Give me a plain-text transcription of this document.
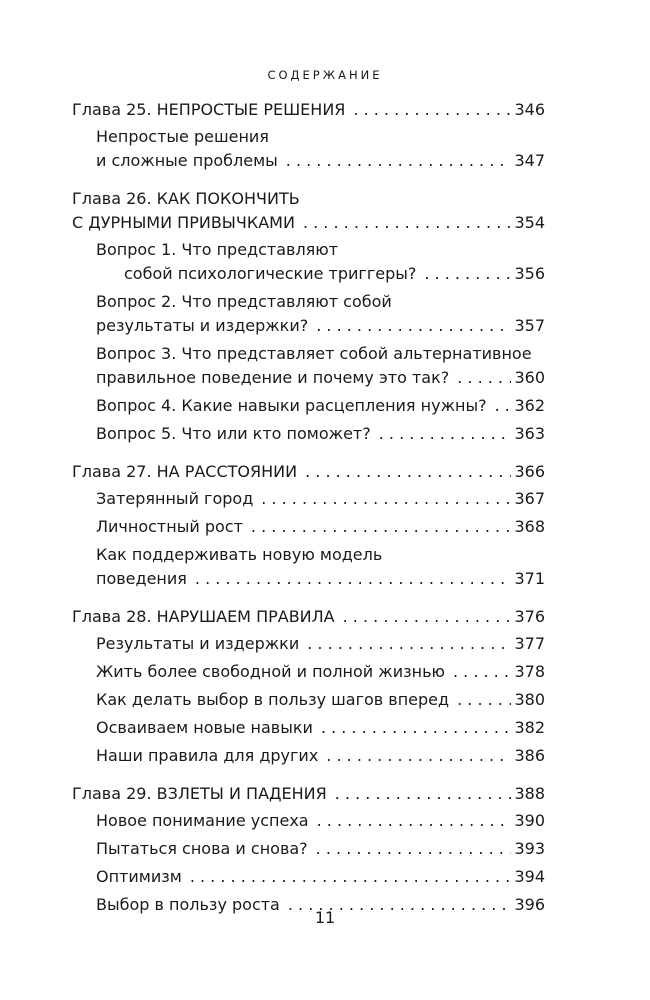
СОДЕРЖАНИЕ
Глава 25. НЕПРОСТЫЕ РЕШЕНИЯ . . .	346
Непростые решения
и сложные проблемы . . .	347
Глава 26. КАК ПОКОНЧИТЬ
С ДУРНЫМИ ПРИВЫЧКАМИ . . .	354
Вопрос 1. Что представляют
собой психологические триггеры? . . .	356
Вопрос 2. Что представляют собой
результаты и издержки? . . .	357
Вопрос 3. Что представляет собой альтернативное
правильное поведение и почему это так? . . .	360
Вопрос 4. Какие навыки расцепления нужны? . . . 362
Вопрос 5. Что или кто поможет? . . .	363
Глава 27. НА РАССТОЯНИИ . . .	366
Затерянный город . . .	367
Личностный рост . . .	368
Как поддерживать новую модель
поведения . . .	371
Глава 28. НАРУШАЕМ ПРАВИЛА . . .	376
Результаты и издержки . . .	377
Жить более свободной и полной жизнью . . .	378
Как делать выбор в пользу шагов вперед . . .	380
Осваиваем новые навыки . . .	382
Наши правила для других . . .	386
Глава 29. ВЗЛЕТЫ И ПАДЕНИЯ . . .	388
Новое понимание успеха . . .	390
Пытаться снова и снова? . . .	393
Оптимизм . . .	394
Выбор в пользу роста . . .	396
11
